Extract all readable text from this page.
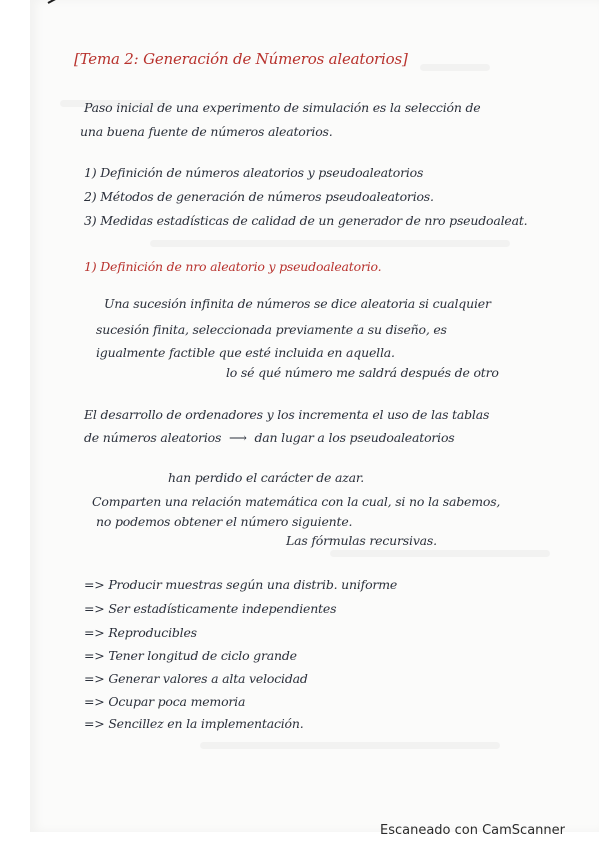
[Tema 2: Generación de Números aleatorios]
Paso inicial de una experimento de simulación es la selección de
una buena fuente de números aleatorios.
1) Definición de números aleatorios y pseudoaleatorios
2) Métodos de generación de números pseudoaleatorios.
3) Medidas estadísticas de calidad de un generador de nro pseudoaleat.
1) Definición de nro aleatorio y pseudoaleatorio.
Una sucesión infinita de números se dice aleatoria si cualquier
sucesión finita, seleccionada previamente a su diseño, es
igualmente factible que esté incluida en aquella.
lo sé qué número me saldrá después de otro
El desarrollo de ordenadores y los incrementa el uso de las tablas
de números aleatorios ⟶ dan lugar a los pseudoaleatorios
han perdido el carácter de azar.
Comparten una relación matemática con la cual, si no la sabemos,
no podemos obtener el número siguiente.
Las fórmulas recursivas.
=> Producir muestras según una distrib. uniforme
=> Ser estadísticamente independientes
=> Reproducibles
=> Tener longitud de ciclo grande
=> Generar valores a alta velocidad
=> Ocupar poca memoria
=> Sencillez en la implementación.
Escaneado con CamScanner
